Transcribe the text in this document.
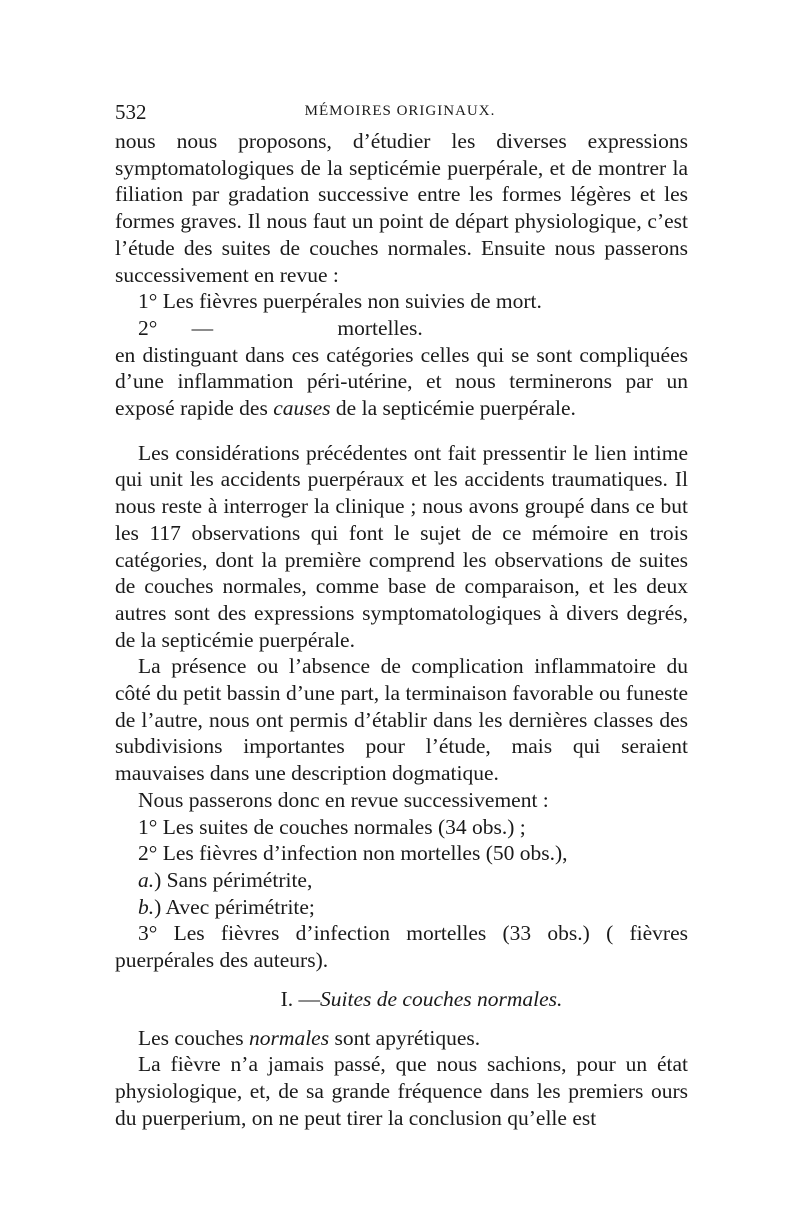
532	MÉMOIRES ORIGINAUX.

nous nous proposons, d’étudier les diverses expressions symptomatologiques de la septicémie puerpérale, et de montrer la filiation par gradation successive entre les formes légères et les formes graves. Il nous faut un point de départ physiologique, c’est l’étude des suites de couches normales. Ensuite nous passerons successivement en revue :

1° Les fièvres puerpérales non suivies de mort.

2° —	mortelles.

en distinguant dans ces catégories celles qui se sont compliquées d’une inflammation péri-utérine, et nous terminerons par un exposé rapide des causes de la septicémie puerpérale.

Les considérations précédentes ont fait pressentir le lien intime qui unit les accidents puerpéraux et les accidents traumatiques. Il nous reste à interroger la clinique ; nous avons groupé dans ce but les 117 observations qui font le sujet de ce mémoire en trois catégories, dont la première comprend les observations de suites de couches normales, comme base de comparaison, et les deux autres sont des expressions symptomatologiques à divers degrés, de la septicémie puerpérale.

La présence ou l’absence de complication inflammatoire du côté du petit bassin d’une part, la terminaison favorable ou funeste de l’autre, nous ont permis d’établir dans les dernières classes des subdivisions importantes pour l’étude, mais qui seraient mauvaises dans une description dogmatique.

Nous passerons donc en revue successivement :

1° Les suites de couches normales (34 obs.) ;

2° Les fièvres d’infection non mortelles (50 obs.),

a.) Sans périmétrite,

b.) Avec périmétrite;

3° Les fièvres d’infection mortelles (33 obs.) ( fièvres puerpérales des auteurs).

I. —Suites de couches normales.

Les couches normales sont apyrétiques.

La fièvre n’a jamais passé, que nous sachions, pour un état physiologique, et, de sa grande fréquence dans les premiers ours du puerperium, on ne peut tirer la conclusion qu’elle est
